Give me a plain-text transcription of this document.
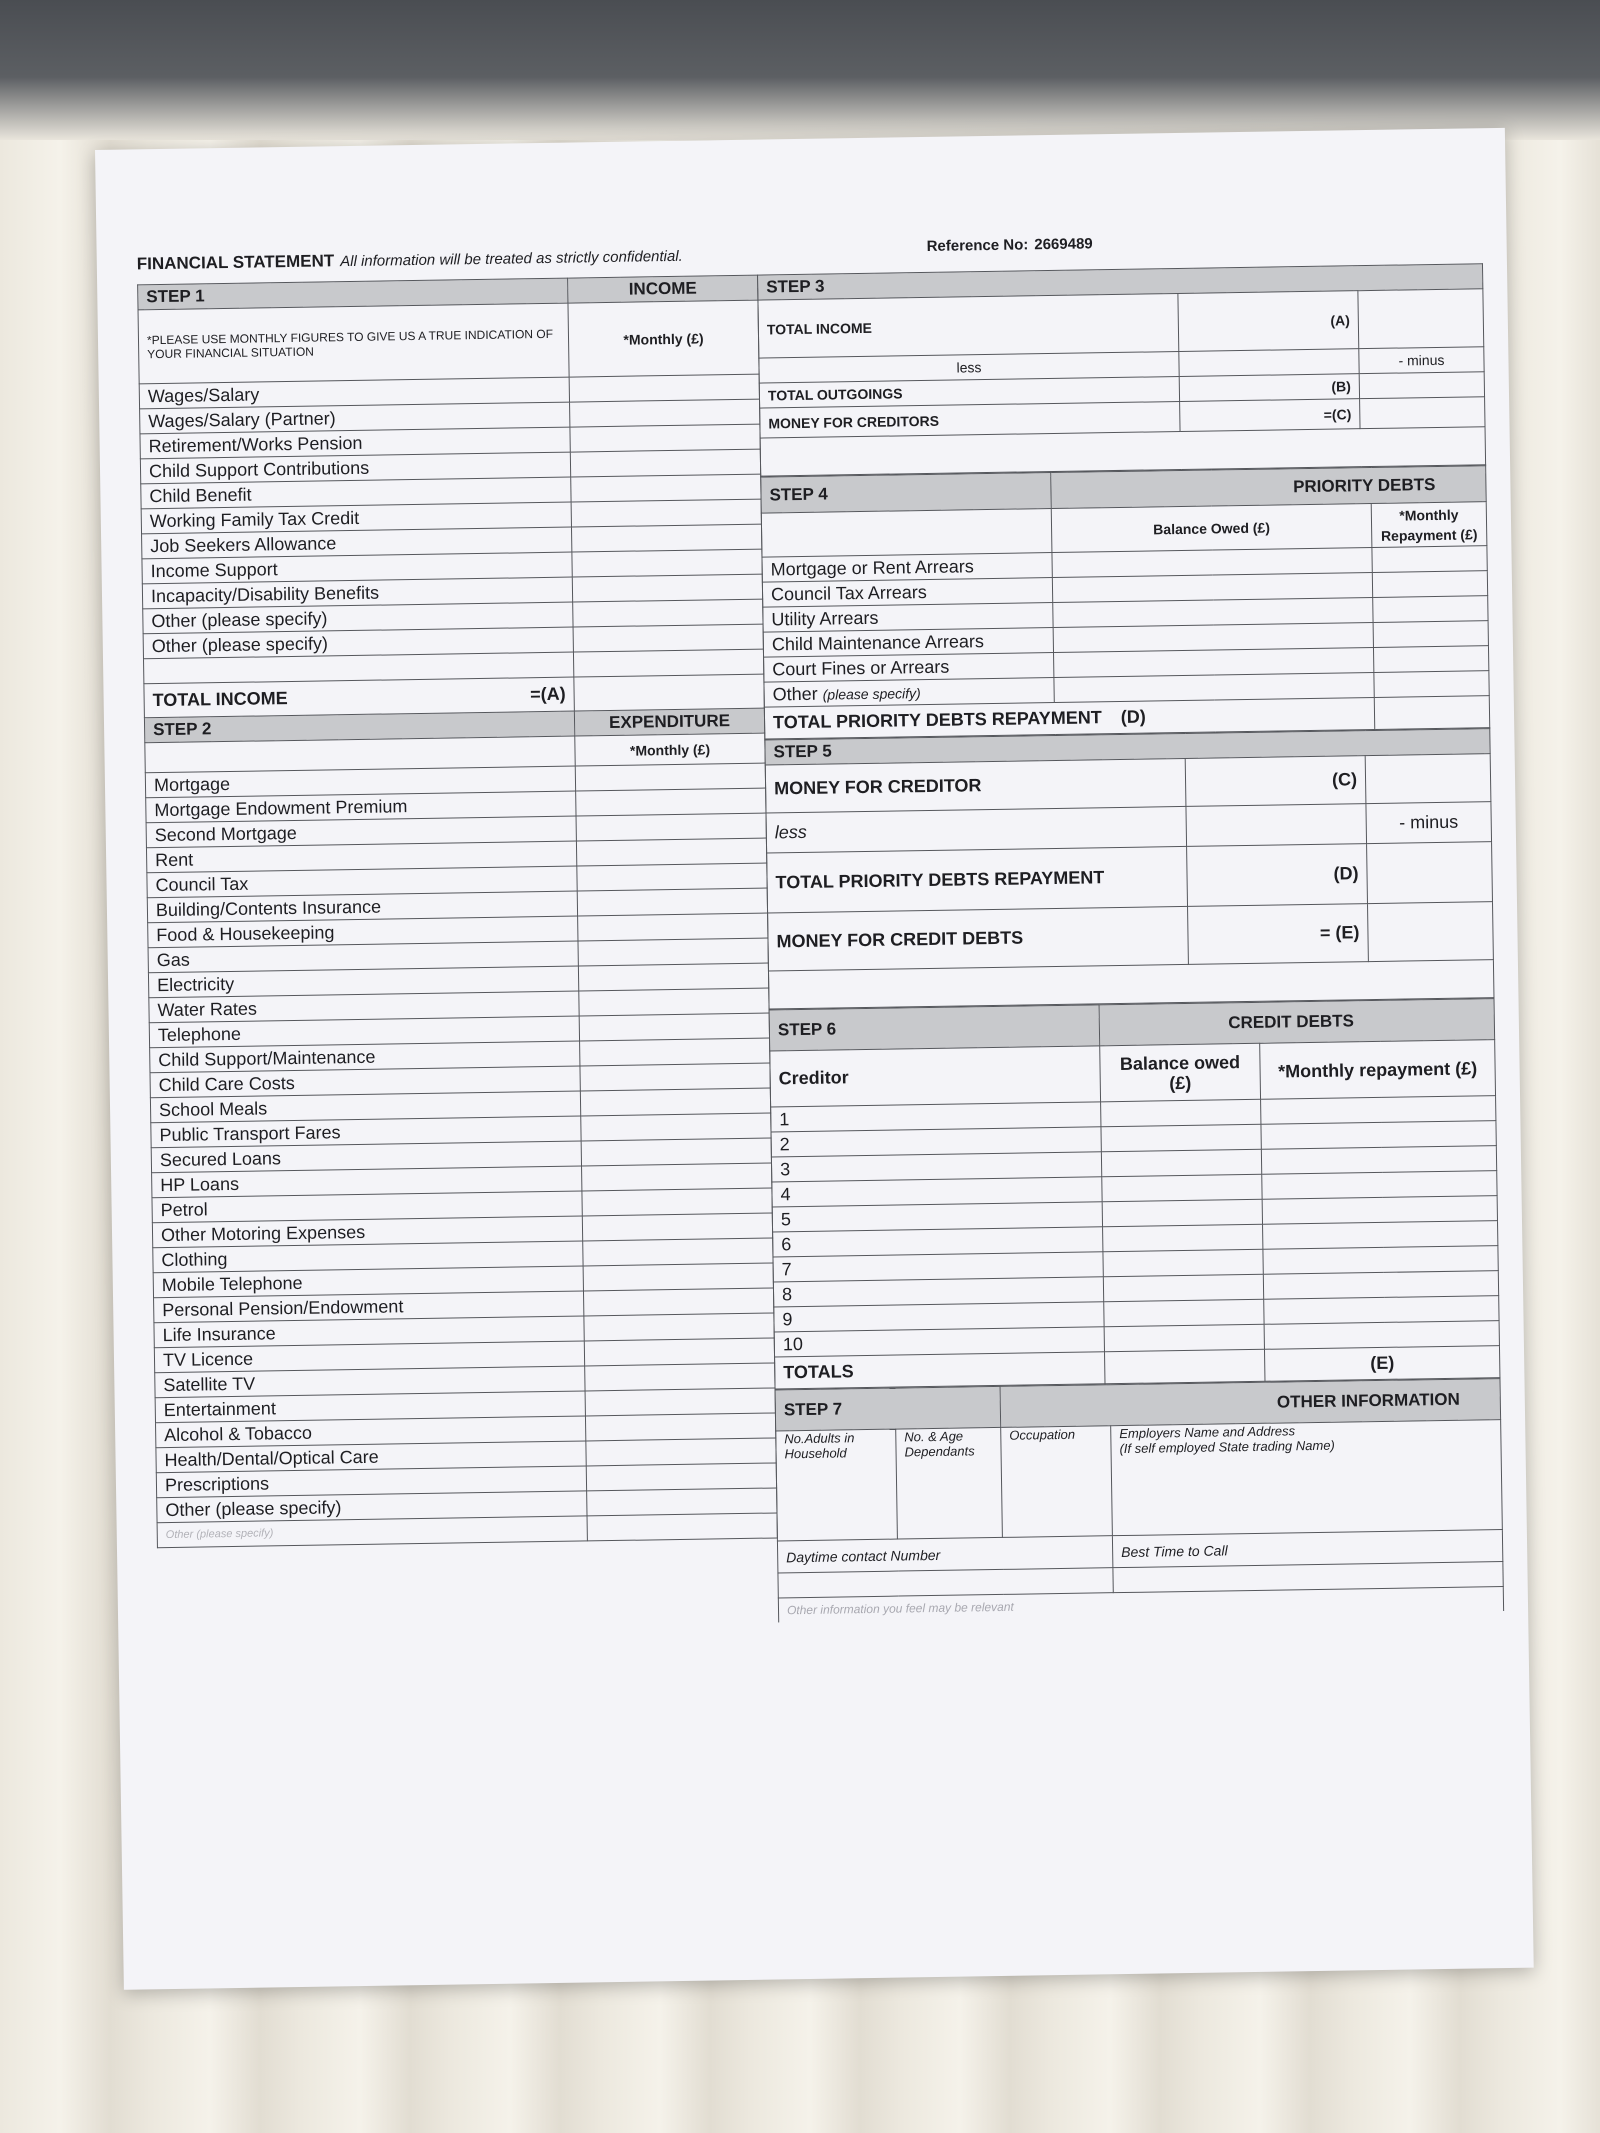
FINANCIAL STATEMENT All information will be treated as strictly confidential.
Reference No: 2669489
STEP 1	INCOME
*PLEASE USE MONTHLY FIGURES TO GIVE US A TRUE INDICATION OF YOUR FINANCIAL SITUATION	*Monthly (£)
Wages/Salary	
Wages/Salary (Partner)	
Retirement/Works Pension	
Child Support Contributions	
Child Benefit	
Working Family Tax Credit	
Job Seekers Allowance	
Income Support	
Incapacity/Disability Benefits	
Other (please specify)	
Other (please specify)	

TOTAL INCOME =(A)	

STEP 2	EXPENDITURE
	*Monthly (£)
Mortgage	
Mortgage Endowment Premium	
Second Mortgage	
Rent	
Council Tax	
Building/Contents Insurance	
Food & Housekeeping	
Gas	
Electricity	
Water Rates	
Telephone	
Child Support/Maintenance	
Child Care Costs	
School Meals	
Public Transport Fares	
Secured Loans	
HP Loans	
Petrol	
Other Motoring Expenses	
Clothing	
Mobile Telephone	
Personal Pension/Endowment	
Life Insurance	
TV Licence	
Satellite TV	
Entertainment	
Alcohol & Tobacco	
Health/Dental/Optical Care	
Prescriptions	
Other (please specify)	
Other (please specify)	
STEP 3		
TOTAL INCOME	(A)	
less		- minus
TOTAL OUTGOINGS	(B)	
MONEY FOR CREDITORS	=(C)	

STEP 4	PRIORITY DEBTS	
	Balance Owed (£)	*Monthly Repayment (£)
Mortgage or Rent Arrears		
Council Tax Arrears		
Utility Arrears		
Child Maintenance Arrears		
Court Fines or Arrears		
Other (please specify)		
TOTAL PRIORITY DEBTS REPAYMENT (D)		
STEP 5		
MONEY FOR CREDITOR	(C)	
less		- minus
TOTAL PRIORITY DEBTS REPAYMENT	(D)	
MONEY FOR CREDIT DEBTS	= (E)	

STEP 6	CREDIT DEBTS	
Creditor	Balance owed (£)	*Monthly repayment (£)
1		
2		
3		
4		
5		
6		
7		
8		
9		
10		
TOTALS		(E)
STEP 7		OTHER INFORMATION	
No.Adults in Household	No. & Age Dependants	Occupation	Employers Name and Address
(If self employed State trading Name)

Daytime contact Number			Best Time to Call

Other information you feel may be relevant			
